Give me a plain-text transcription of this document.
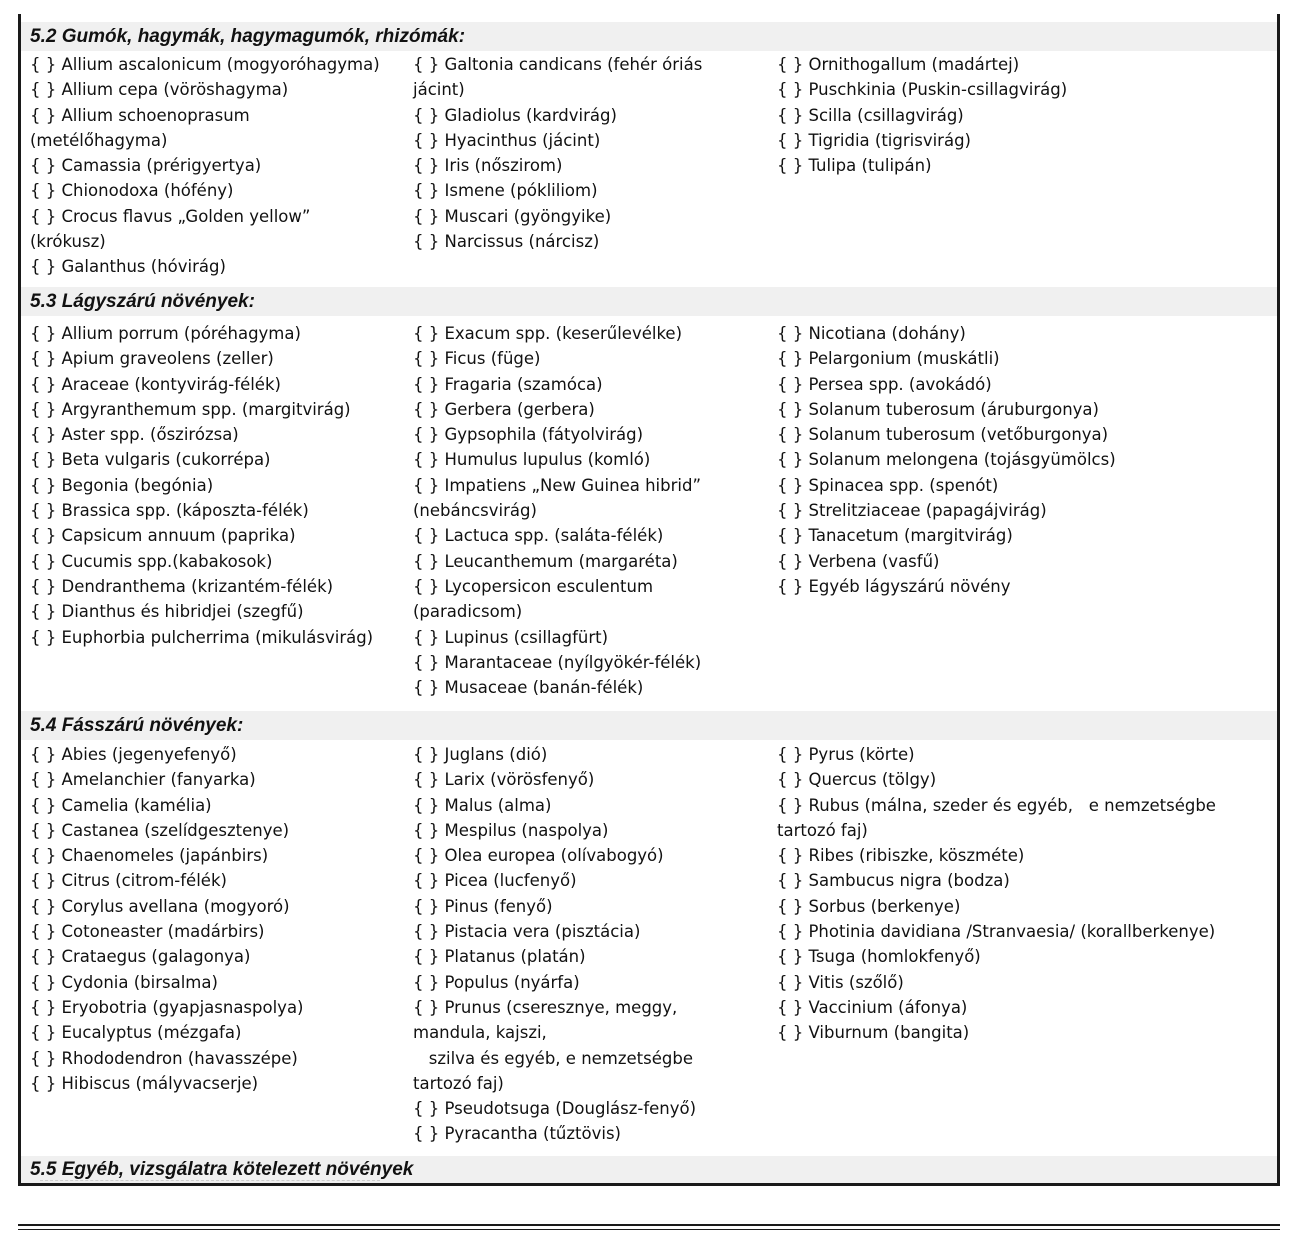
5.2 Gumók, hagymák, hagymagumók, rhizómák:
{ } Allium ascalonicum (mogyoróhagyma)
{ } Allium cepa (vöröshagyma)
{ } Allium schoenoprasum
(metélőhagyma)
{ } Camassia (prérigyertya)
{ } Chionodoxa (hófény)
{ } Crocus flavus „Golden yellow”
(krókusz)
{ } Galanthus (hóvirág)
{ } Galtonia candicans (fehér óriás
jácint)
{ } Gladiolus (kardvirág)
{ } Hyacinthus (jácint)
{ } Iris (nőszirom)
{ } Ismene (pókliliom)
{ } Muscari (gyöngyike)
{ } Narcissus (nárcisz)
{ } Ornithogallum (madártej)
{ } Puschkinia (Puskin-csillagvirág)
{ } Scilla (csillagvirág)
{ } Tigridia (tigrisvirág)
{ } Tulipa (tulipán)
5.3 Lágyszárú növények:
{ } Allium porrum (póréhagyma)
{ } Apium graveolens (zeller)
{ } Araceae (kontyvirág-félék)
{ } Argyranthemum spp. (margitvirág)
{ } Aster spp. (őszirózsa)
{ } Beta vulgaris (cukorrépa)
{ } Begonia (begónia)
{ } Brassica spp. (káposzta-félék)
{ } Capsicum annuum (paprika)
{ } Cucumis spp.(kabakosok)
{ } Dendranthema (krizantém-félék)
{ } Dianthus és hibridjei (szegfű)
{ } Euphorbia pulcherrima (mikulásvirág)
{ } Exacum spp. (keserűlevélke)
{ } Ficus (füge)
{ } Fragaria (szamóca)
{ } Gerbera (gerbera)
{ } Gypsophila (fátyolvirág)
{ } Humulus lupulus (komló)
{ } Impatiens „New Guinea hibrid”
(nebáncsvirág)
{ } Lactuca spp. (saláta-félék)
{ } Leucanthemum (margaréta)
{ } Lycopersicon esculentum
(paradicsom)
{ } Lupinus (csillagfürt)
{ } Marantaceae (nyílgyökér-félék)
{ } Musaceae (banán-félék)
{ } Nicotiana (dohány)
{ } Pelargonium (muskátli)
{ } Persea spp. (avokádó)
{ } Solanum tuberosum (áruburgonya)
{ } Solanum tuberosum (vetőburgonya)
{ } Solanum melongena (tojásgyümölcs)
{ } Spinacea spp. (spenót)
{ } Strelitziaceae (papagájvirág)
{ } Tanacetum (margitvirág)
{ } Verbena (vasfű)
{ } Egyéb lágyszárú növény
5.4 Fásszárú növények:
{ } Abies (jegenyefenyő)
{ } Amelanchier (fanyarka)
{ } Camelia (kamélia)
{ } Castanea (szelídgesztenye)
{ } Chaenomeles (japánbirs)
{ } Citrus (citrom-félék)
{ } Corylus avellana (mogyoró)
{ } Cotoneaster (madárbirs)
{ } Crataegus (galagonya)
{ } Cydonia (birsalma)
{ } Eryobotria (gyapjasnaspolya)
{ } Eucalyptus (mézgafa)
{ } Rhododendron (havasszépe)
{ } Hibiscus (mályvacserje)
{ } Juglans (dió)
{ } Larix (vörösfenyő)
{ } Malus (alma)
{ } Mespilus (naspolya)
{ } Olea europea (olívabogyó)
{ } Picea (lucfenyő)
{ } Pinus (fenyő)
{ } Pistacia vera (pisztácia)
{ } Platanus (platán)
{ } Populus (nyárfa)
{ } Prunus (cseresznye, meggy,
mandula, kajszi,
szilva és egyéb, e nemzetségbe
tartozó faj)
{ } Pseudotsuga (Douglász-fenyő)
{ } Pyracantha (tűztövis)
{ } Pyrus (körte)
{ } Quercus (tölgy)
{ } Rubus (málna, szeder és egyéb,   e nemzetségbe
tartozó faj)
{ } Ribes (ribiszke, köszméte)
{ } Sambucus nigra (bodza)
{ } Sorbus (berkenye)
{ } Photinia davidiana /Stranvaesia/ (korallberkenye)
{ } Tsuga (homlokfenyő)
{ } Vitis (szőlő)
{ } Vaccinium (áfonya)
{ } Viburnum (bangita)
5.5 Egyéb, vizsgálatra kötelezett növények
